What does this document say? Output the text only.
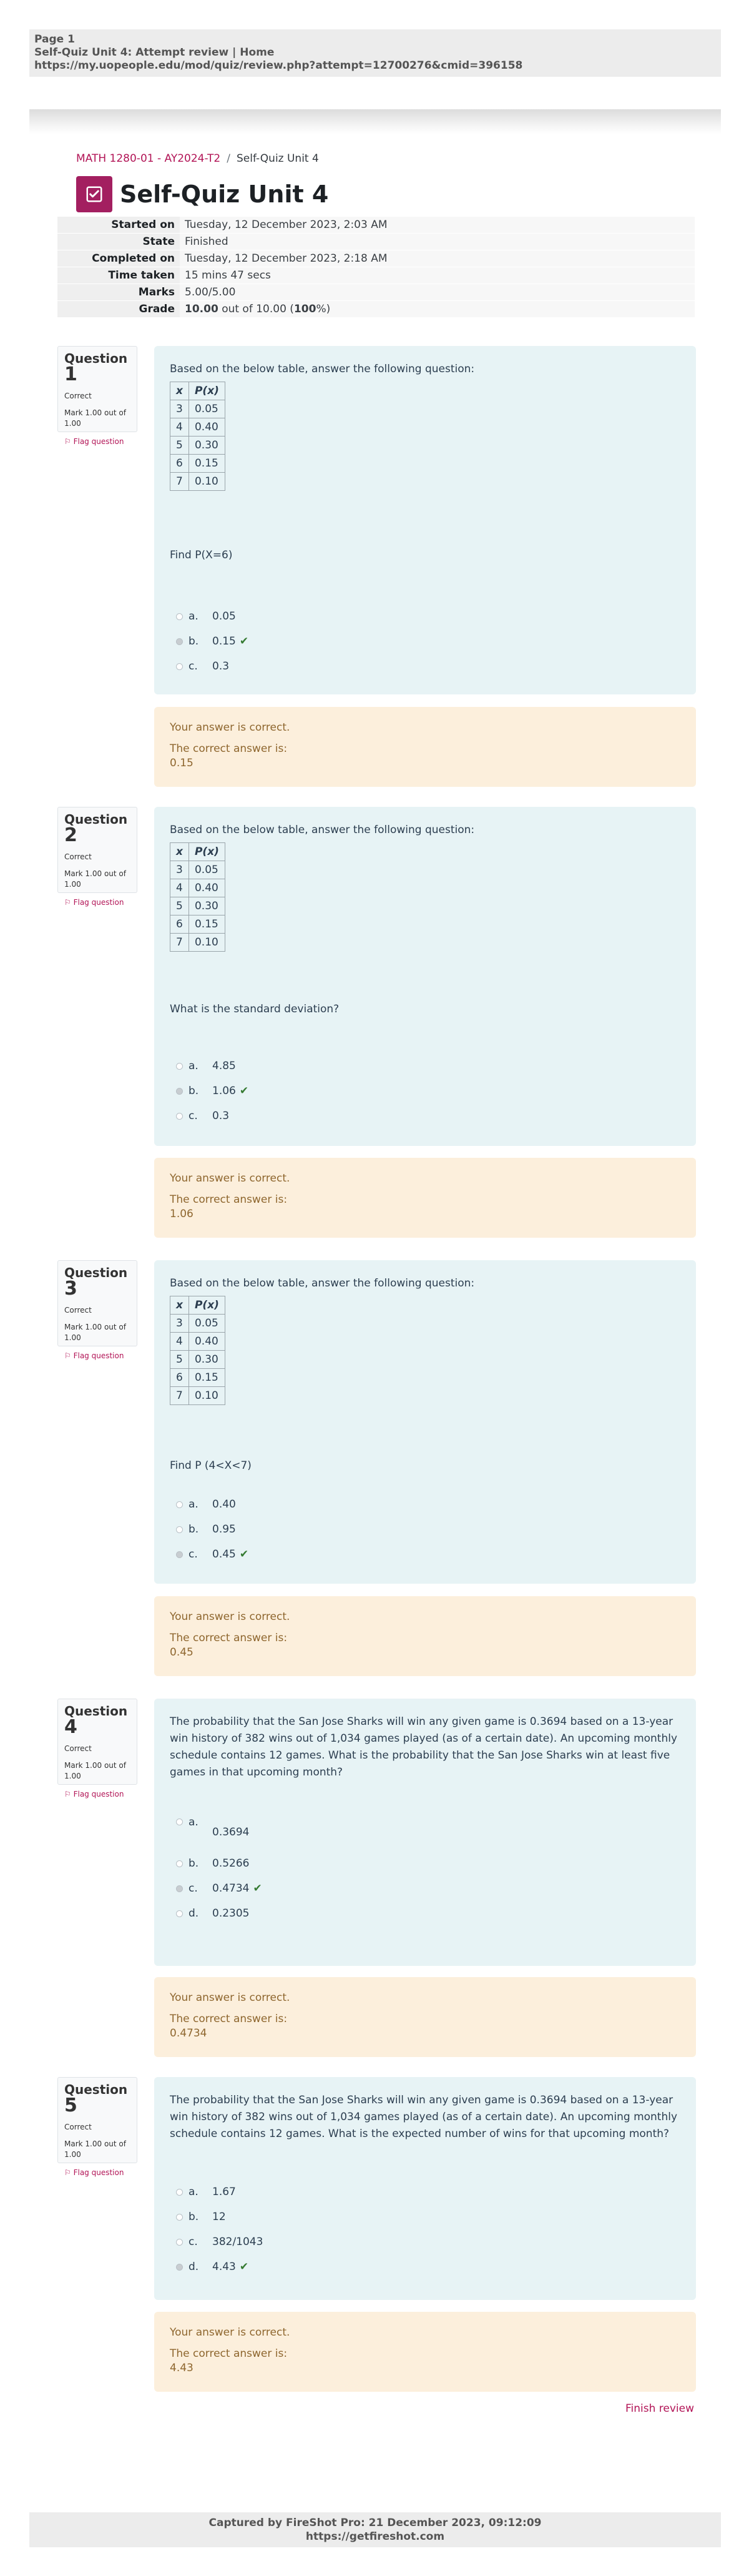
Page 1
Self-Quiz Unit 4: Attempt review | Home
https://my.uopeople.edu/mod/quiz/review.php?attempt=12700276&cmid=396158
MATH 1280-01 - AY2024-T2 / Self-Quiz Unit 4
Self-Quiz Unit 4
Started on	Tuesday, 12 December 2023, 2:03 AM
State	Finished
Completed on	Tuesday, 12 December 2023, 2:18 AM
Time taken	15 mins 47 secs
Marks	5.00/5.00
Grade	10.00 out of 10.00 (100%)
Question
1
Correct
Mark 1.00 out of 1.00
⚐ Flag question

Based on the below table, answer the following question:

x	P(x)
3	0.05
4	0.40
5	0.30
6	0.15
7	0.10

Find P(X=6)

a.	0.05
b.	0.15 ✔
c.	0.3
Your answer is correct.
The correct answer is:
0.15
Question
2
Correct
Mark 1.00 out of 1.00
⚐ Flag question

Based on the below table, answer the following question:

x	P(x)
3	0.05
4	0.40
5	0.30
6	0.15
7	0.10

What is the standard deviation?

a.	4.85
b.	1.06 ✔
c.	0.3
Your answer is correct.
The correct answer is:
1.06
Question
3
Correct
Mark 1.00 out of 1.00
⚐ Flag question

Based on the below table, answer the following question:

x	P(x)
3	0.05
4	0.40
5	0.30
6	0.15
7	0.10

Find P (4<X<7)

a.	0.40
b.	0.95
c.	0.45 ✔
Your answer is correct.
The correct answer is:
0.45
Question
4
Correct
Mark 1.00 out of 1.00
⚐ Flag question

The probability that the San Jose Sharks will win any given game is 0.3694 based on a 13-year win history of 382 wins out of 1,034 games played (as of a certain date). An upcoming monthly schedule contains 12 games. What is the probability that the San Jose Sharks win at least five games in that upcoming month?

a.
0.3694
b.	0.5266
c.	0.4734 ✔
d.	0.2305
Your answer is correct.
The correct answer is:
0.4734
Question
5
Correct
Mark 1.00 out of 1.00
⚐ Flag question

The probability that the San Jose Sharks will win any given game is 0.3694 based on a 13-year win history of 382 wins out of 1,034 games played (as of a certain date). An upcoming monthly schedule contains 12 games. What is the expected number of wins for that upcoming month?

a.	1.67
b.	12
c.	382/1043
d.	4.43 ✔
Your answer is correct.
The correct answer is:
4.43
Finish review
Captured by FireShot Pro: 21 December 2023, 09:12:09
https://getfireshot.com
